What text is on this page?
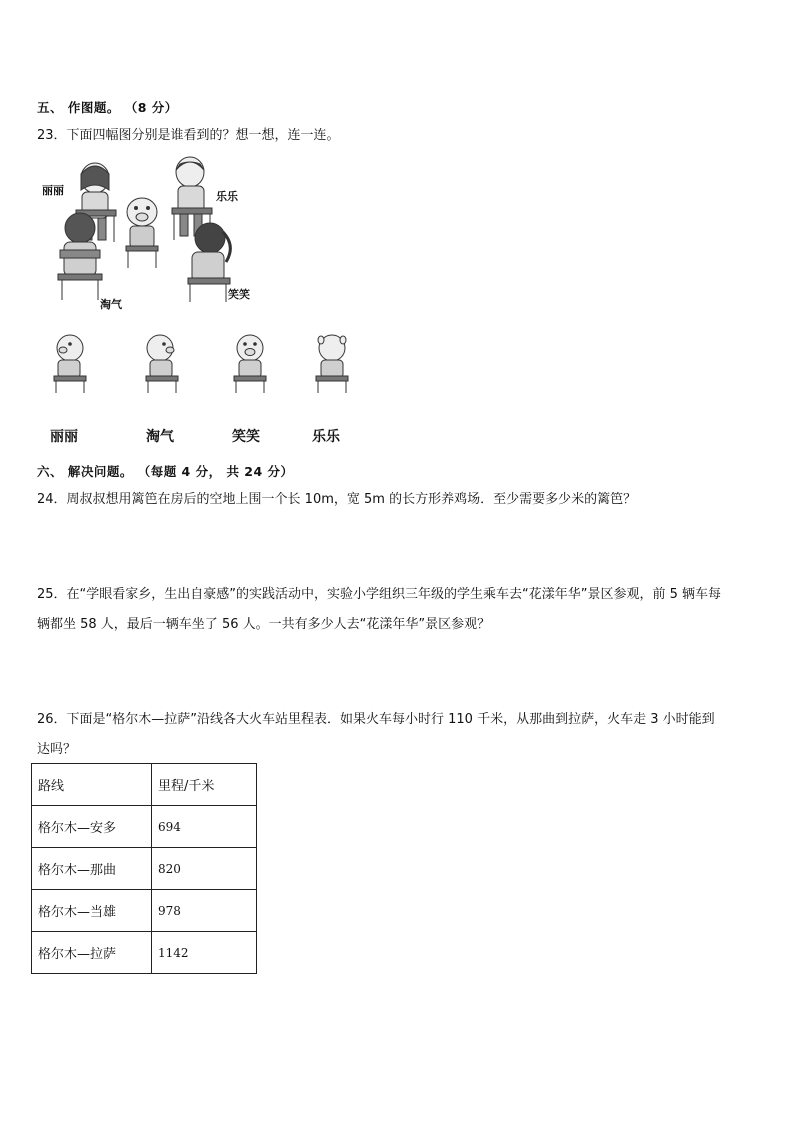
五、 作图题。 （8 分）
23．下面四幅图分别是谁看到的？想一想，连一连。
丽丽	乐乐
淘气
笑笑
丽丽	淘气	笑笑	乐乐
六、 解决问题。 （每题 4 分， 共 24 分）
24．周叔叔想用篱笆在房后的空地上围一个长 10m，宽 5m 的长方形养鸡场．至少需要多少米的篱笆？
25．在“学眼看家乡，生出自豪感”的实践活动中，实验小学组织三年级的学生乘车去“花漾年华”景区参观，前 5 辆车每
辆都坐 58 人，最后一辆车坐了 56 人。一共有多少人去“花漾年华”景区参观？
26．下面是“格尔木—拉萨”沿线各大火车站里程表．如果火车每小时行 110 千米，从那曲到拉萨，火车走 3 小时能到
达吗？
路线	里程/千米
格尔木—安多	694
格尔木—那曲	820
格尔木—当雄	978
格尔木—拉萨	1142
